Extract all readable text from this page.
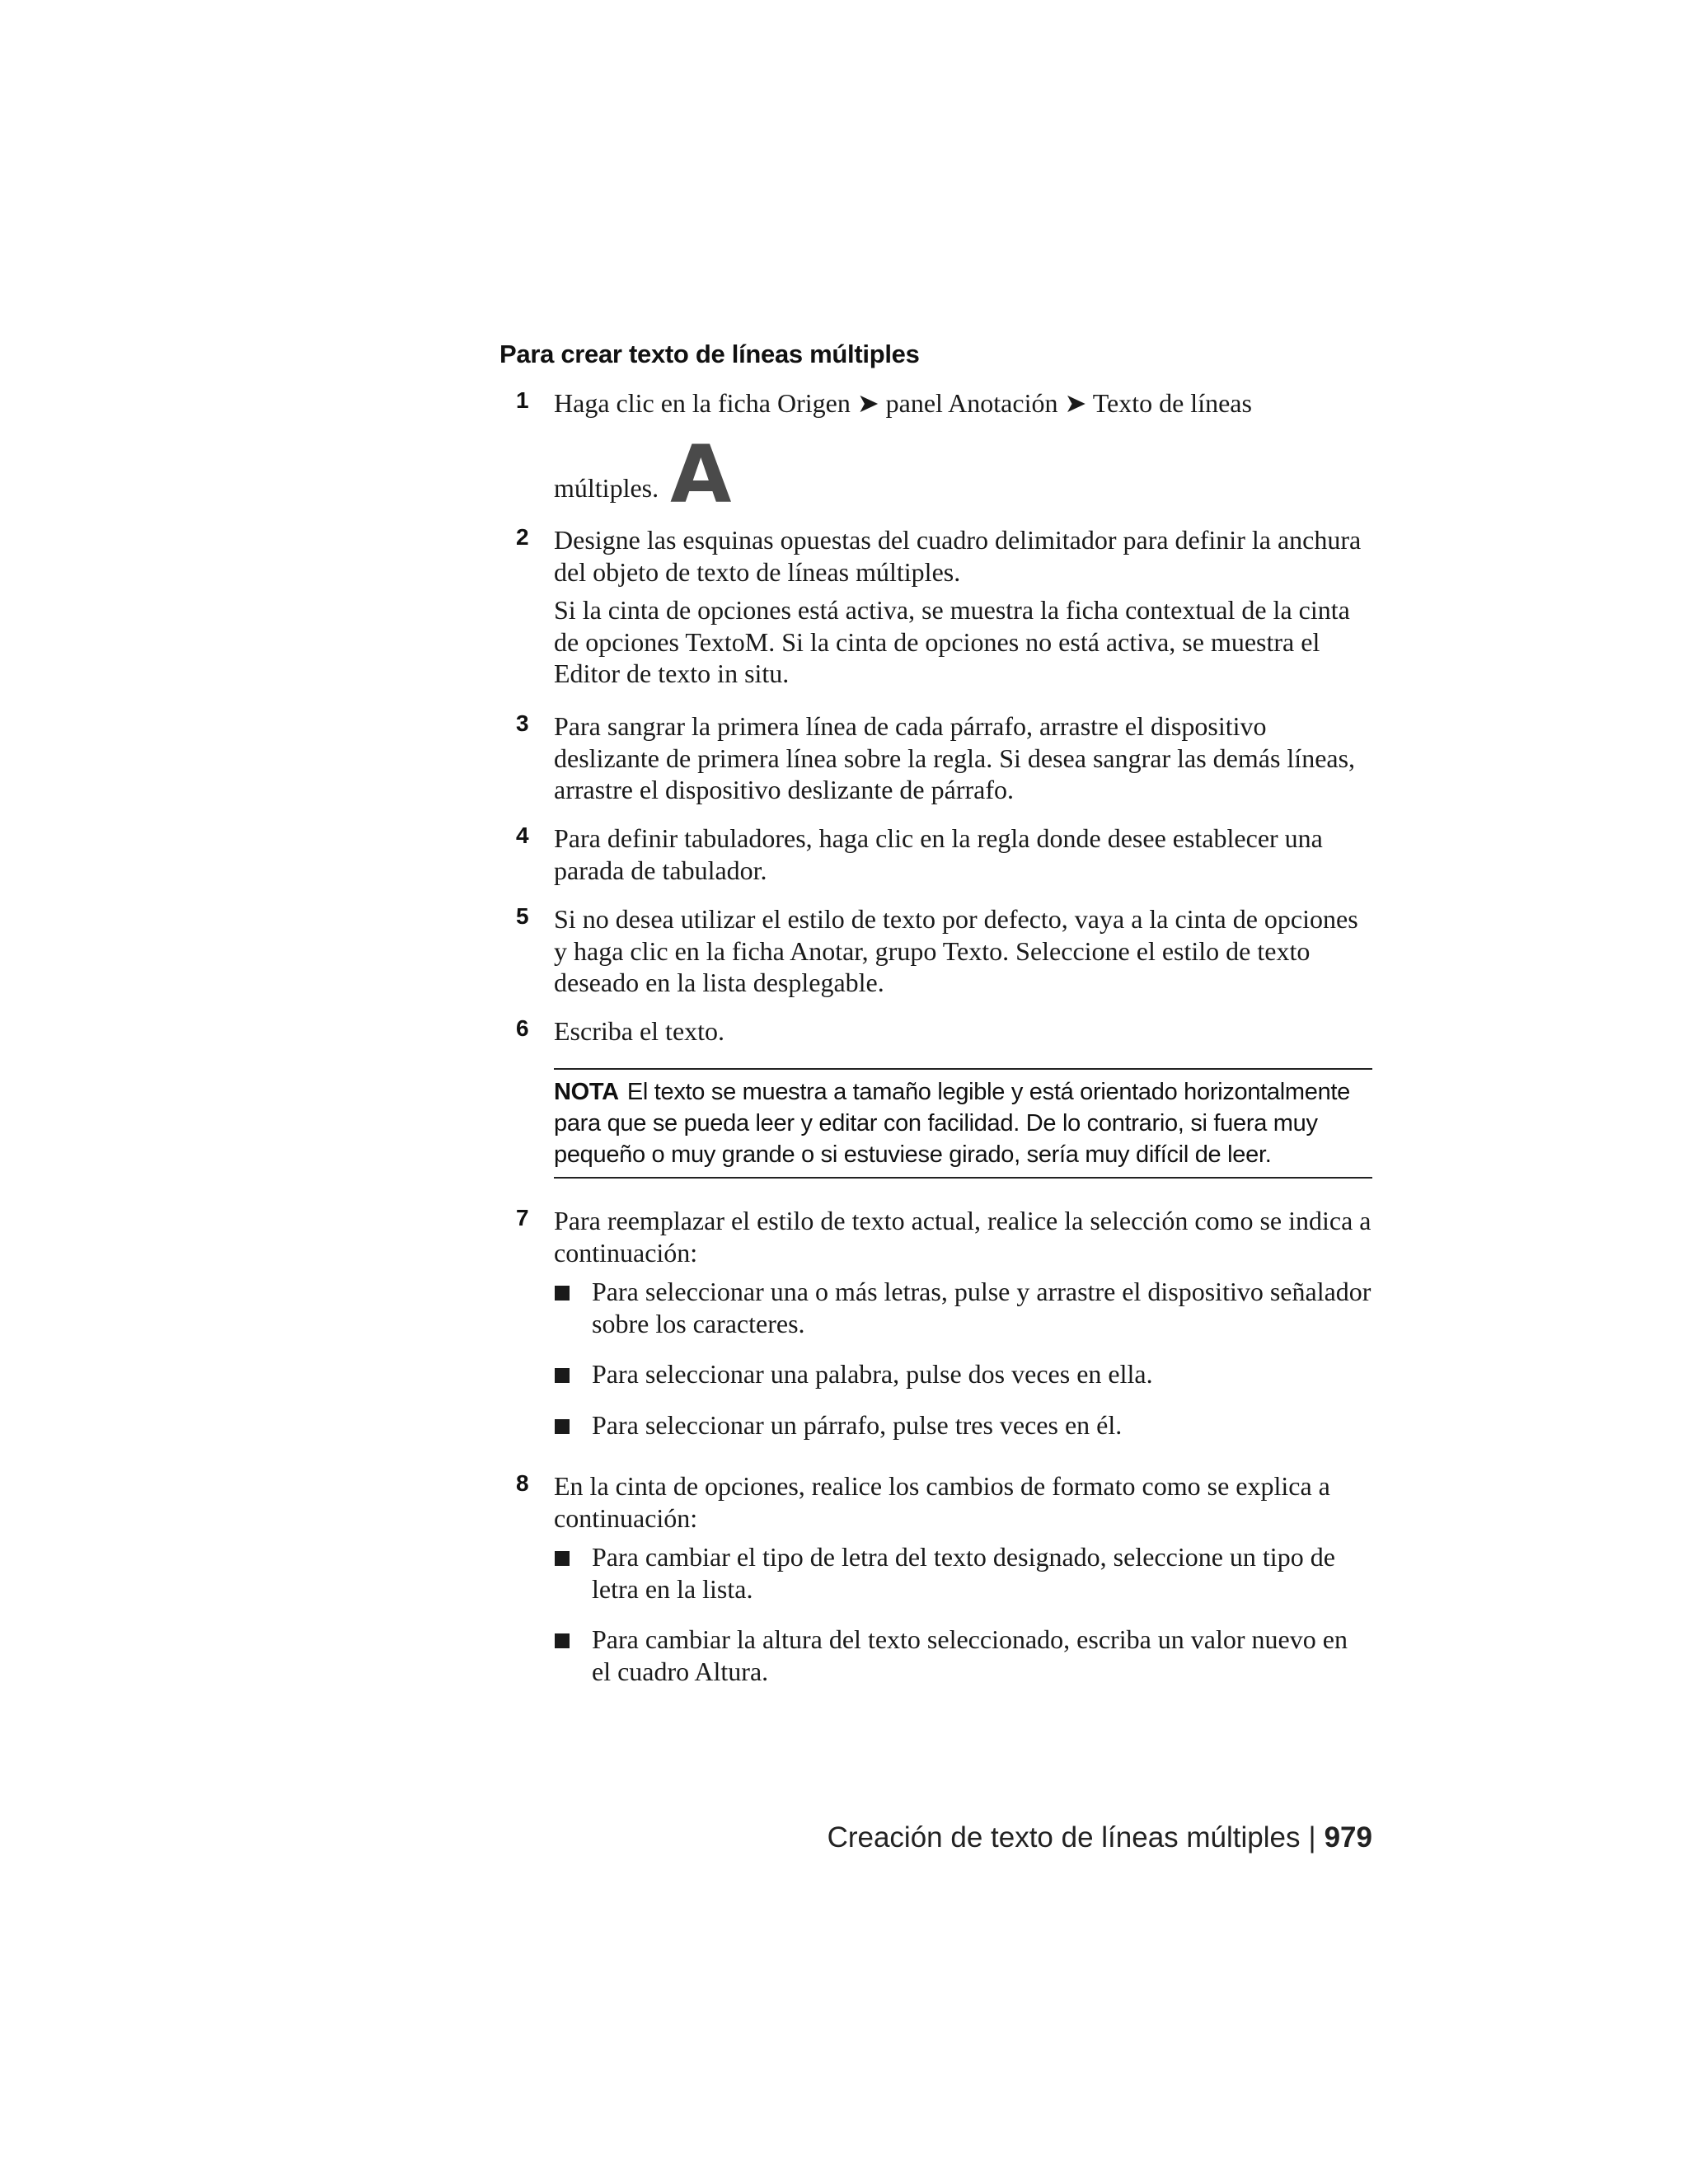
Para crear texto de líneas múltiples
1 Haga clic en la ficha Origen ➤ panel Anotación ➤ Texto de líneas

múltiples. A

2 Designe las esquinas opuestas del cuadro delimitador para definir la anchura del objeto de texto de líneas múltiples.

Si la cinta de opciones está activa, se muestra la ficha contextual de la cinta de opciones TextoM. Si la cinta de opciones no está activa, se muestra el Editor de texto in situ.

3 Para sangrar la primera línea de cada párrafo, arrastre el dispositivo deslizante de primera línea sobre la regla. Si desea sangrar las demás líneas, arrastre el dispositivo deslizante de párrafo.

4 Para definir tabuladores, haga clic en la regla donde desee establecer una parada de tabulador.

5 Si no desea utilizar el estilo de texto por defecto, vaya a la cinta de opciones y haga clic en la ficha Anotar, grupo Texto. Seleccione el estilo de texto deseado en la lista desplegable.

6 Escriba el texto.

NOTA El texto se muestra a tamaño legible y está orientado horizontalmente para que se pueda leer y editar con facilidad. De lo contrario, si fuera muy pequeño o muy grande o si estuviese girado, sería muy difícil de leer.
7 Para reemplazar el estilo de texto actual, realice la selección como se indica a continuación:

Para seleccionar una o más letras, pulse y arrastre el dispositivo señalador sobre los caracteres.
Para seleccionar una palabra, pulse dos veces en ella.
Para seleccionar un párrafo, pulse tres veces en él.
8 En la cinta de opciones, realice los cambios de formato como se explica a continuación:

Para cambiar el tipo de letra del texto designado, seleccione un tipo de letra en la lista.
Para cambiar la altura del texto seleccionado, escriba un valor nuevo en el cuadro Altura.
Creación de texto de líneas múltiples | 979
